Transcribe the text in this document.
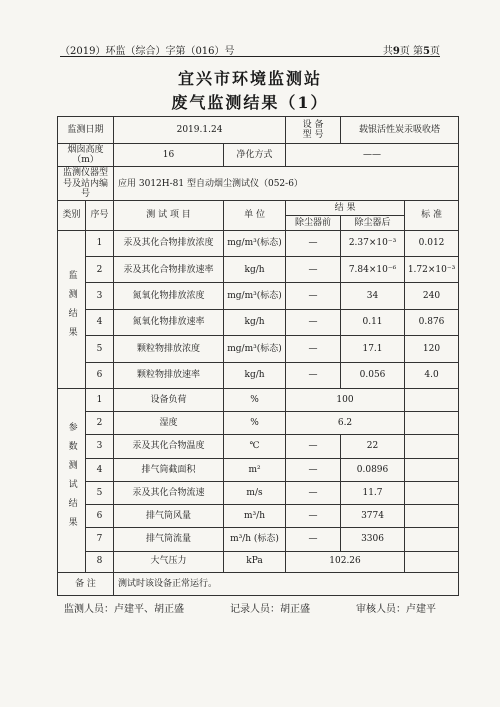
（2019）环监（综合）字第（016）号	共9页 第5页
宜兴市环境监测站
废气监测结果（1）
监测日期		2019.1.24		设 备
型 号	载银活性炭汞吸收塔	
烟囱高度（m）		16	净化方式	——		
监测仪器型号及站内编号		应用 3012H-81 型自动烟尘测试仪（052-6）				
类别	序号	测 试 项 目	单 位	结 果		标 准
				除尘器前	除尘器后	
监测结果	1	汞及其化合物排放浓度	mg/m³(标态)	—	2.37×10⁻³	0.012
	2	汞及其化合物排放速率	kg/h	—	7.84×10⁻⁶	1.72×10⁻³
	3	氮氧化物排放浓度	mg/m³(标态)	—	34	240
	4	氮氧化物排放速率	kg/h	—	0.11	0.876
	5	颗粒物排放浓度	mg/m³(标态)	—	17.1	120
	6	颗粒物排放速率	kg/h	—	0.056	4.0
参数测试结果	1	设备负荷	%	100		
	2	湿度	%	6.2		
	3	汞及其化合物温度	℃	—	22	
	4	排气筒截面积	m²	—	0.0896	
	5	汞及其化合物流速	m/s	—	11.7	
	6	排气筒风量	m³/h	—	3774	
	7	排气筒流量	m³/h (标态)	—	3306	
	8	大气压力	kPa	102.26		
备 注		测试时该设备正常运行。				
监测人员：卢建平、胡正盛	记录人员：胡正盛	审核人员：卢建平
